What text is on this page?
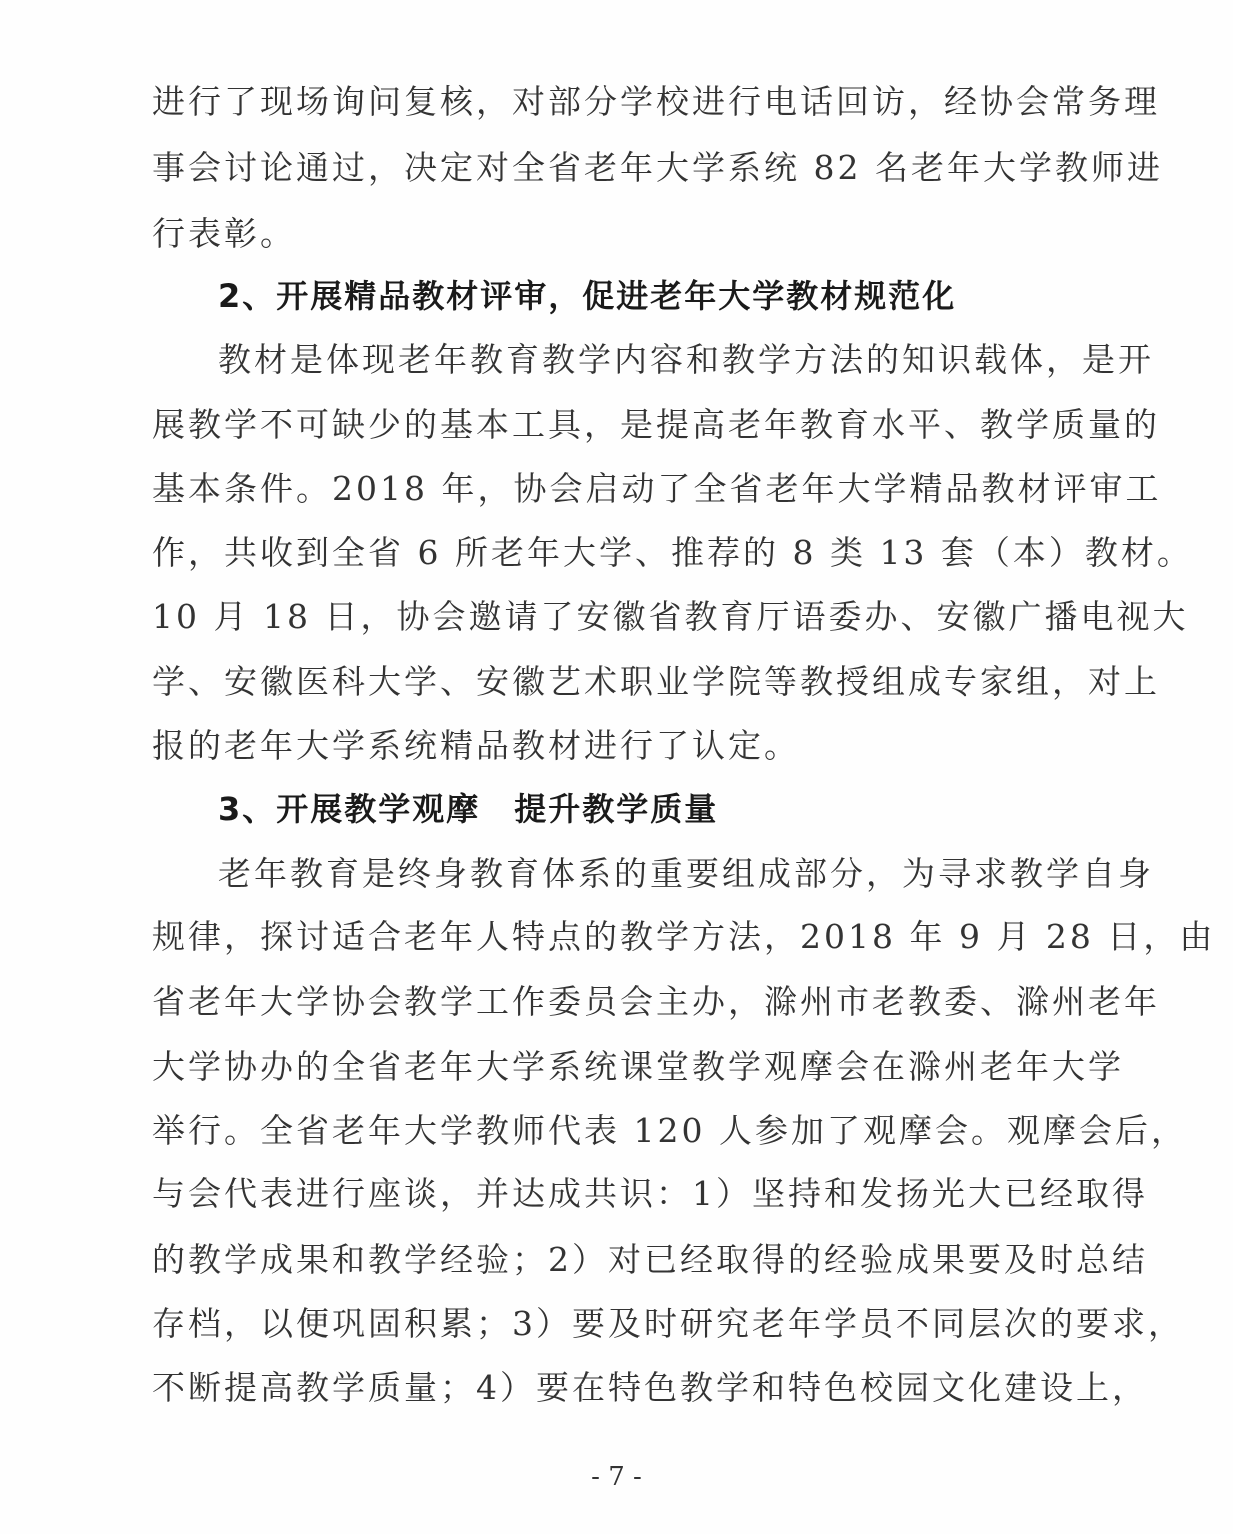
进行了现场询问复核，对部分学校进行电话回访，经协会常务理
事会讨论通过，决定对全省老年大学系统 82 名老年大学教师进
行表彰。
2、开展精品教材评审，促进老年大学教材规范化
教材是体现老年教育教学内容和教学方法的知识载体，是开
展教学不可缺少的基本工具，是提高老年教育水平、教学质量的
基本条件。2018 年，协会启动了全省老年大学精品教材评审工
作，共收到全省 6 所老年大学、推荐的 8 类 13 套（本）教材。
10 月 18 日，协会邀请了安徽省教育厅语委办、安徽广播电视大
学、安徽医科大学、安徽艺术职业学院等教授组成专家组，对上
报的老年大学系统精品教材进行了认定。
3、开展教学观摩　提升教学质量
老年教育是终身教育体系的重要组成部分，为寻求教学自身
规律，探讨适合老年人特点的教学方法，2018 年 9 月 28 日，由
省老年大学协会教学工作委员会主办，滁州市老教委、滁州老年
大学协办的全省老年大学系统课堂教学观摩会在滁州老年大学
举行。全省老年大学教师代表 120 人参加了观摩会。观摩会后，
与会代表进行座谈，并达成共识：1）坚持和发扬光大已经取得
的教学成果和教学经验；2）对已经取得的经验成果要及时总结
存档，以便巩固积累；3）要及时研究老年学员不同层次的要求，
不断提高教学质量；4）要在特色教学和特色校园文化建设上，
- 7 -
